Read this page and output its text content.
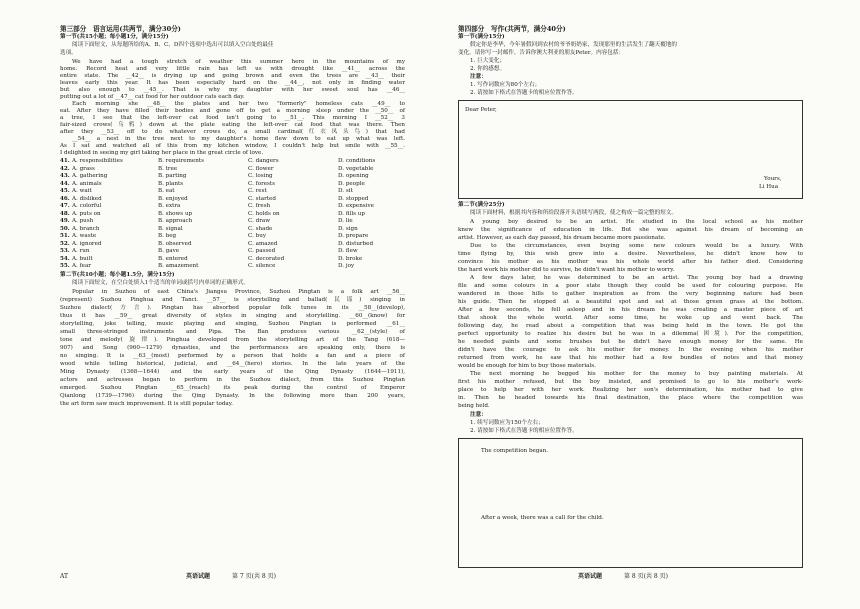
第三部分　语言运用(共两节，满分30分)
第一节(共15小题；每小题1分，满分15分)
阅读下面短文，从每题所给的A、B、C、D四个选项中选出可以填入空白处的最佳
选项。
We have had a tough stretch of weather this summer here in the mountains of my
home. Record heat and very little rain has left us with drought like __41__ across the
entire state. The __42__ is drying up and going brown and even the trees are __43__ their
leaves early this year. It has been especially hard on the __44__, not only in finding water
but also enough to __45__. That is why my daughter with her sweet soul has __46__
putting out a lot of __47__ cat food for her outdoor cats each day.
Each morning she __48__ the plates and her two "formerly" homeless cats __49__ to
eat. After they have filled their bodies and gone off to get a morning sleep under the __50__ of
a tree, I see that the left-over cat food isn't going to __51__. This morning I __52__ 3
fair-sized crows(乌鸦) down at the plate eating the left-over cat food that was there. Then
after they __53__ off to do whatever crows do, a small cardinal(红衣凤头鸟) that had
__54__ a nest in the tree next to my daughter's home flew down to eat up what was left.
As I sat and watched all of this from my kitchen window, I couldn't help but smile with __55__.
I delighted in seeing my girl taking her place in the great circle of love.
41. A. responsibilities	B. requirements	C. dangers	D. conditions
42. A. grass	B. tree	C. flower	D. vegetable
43. A. gathering	B. parting	C. losing	D. opening
44. A. animals	B. plants	C. forests	D. people
45. A. wait	B. eat	C. rest	D. sit
46. A. disliked	B. enjoyed	C. started	D. stopped
47. A. colorful	B. extra	C. fresh	D. expensive
48. A. puts on	B. shows up	C. holds on	D. fills up
49. A. push	B. approach	C. draw	D. lie
50. A. branch	B. signal	C. shade	D. sign
51. A. waste	B. beg	C. buy	D. prepare
52. A. ignored	B. observed	C. amazed	D. disturbed
53. A. run	B. gave	C. passed	D. flew
54. A. built	B. entered	C. decorated	D. broke
55. A. fear	B. amazement	C. silence	D. joy
第二节(共10小题；每小题1.5分，满分15分)
阅读下面短文，在空白处填入1个适当的单词或括号内单词的正确形式。
Popular in Suzhou of east China's Jiangsu Province, Suzhou Pingtan is a folk art __56__
(represent) Suzhou Pinghua and Tanci. __57__ is storytelling and ballad(民谣) singing in
Suzhou dialect(方言). Pingtan has absorbed popular folk tunes in its __58__(develop),
thus it has __59__ great diversity of styles in singing and storytelling. __60__(know) for
storytelling, joke telling, music playing and singing, Suzhou Pingtan is performed __61__
small three-stringed instruments and Pipa. The Ban produces various __62__(style) of
tone and melody(旋律). Pinghua developed from the storytelling art of the Tang (618—
907) and Song (960—1279) dynasties, and the performances are speaking only, there is
no singing. It is __63__(most) performed by a person that holds a fan and a piece of
wood while telling historical, judicial, and __64__(hero) stories. In the late years of the
Ming Dynasty (1368—1644) and the early years of the Qing Dynasty (1644—1911),
actors and actresses began to perform in the Suzhou dialect, from this Suzhou Pingtan
emerged. Suzhou Pingtan __65__(reach) its peak during the control of Emperor
Qianlong (1739—1796) during the Qing Dynasty. In the following more than 200 years,
the art form saw much improvement. It is still popular today.
AT	英语试题	第 7 页(共 8 页)
第四部分　写作(共两节，满分40分)
第一节(满分15分)
假定你是李华，今年暑假回到农村的爷爷奶奶家，发现那里的生活发生了翻天覆地的
变化。请你写一封邮件，告诉你澳大利亚的朋友Peter。内容包括：
1. 巨大变化；
2. 你的感想。
注意：
1. 写作词数应为80个左右；
2. 请按如下格式在答题卡的相应位置作答。
Dear Peter,
Yours,
Li Hua
第二节(满分25分)
阅读下面材料，根据其内容和所给段落开头语续写两段，使之构成一篇完整的短文。
A young boy desired to be an artist. He studied in the local school as his mother
knew the significance of education in life. But she was against his dream of becoming an
artist. However, as each day passed, his dream became more passionate.
Due to the circumstances, even buying some new colours would be a luxury. With
time flying by, this wish grew into a desire. Nevertheless, he didn't know how to
convince his mother as his mother was his whole world after his father died. Considering
the hard work his mother did to survive, he didn't want his mother to worry.
A few days later, he was determined to be an artist. The young boy had a drawing
file and some colours in a poor state though they could be used for colouring purpose. He
wandered in those hills to gather inspiration as from the very beginning nature had been
his guide. Then he stopped at a beautiful spot and sat at those green grass at the bottom.
After a few seconds, he fell asleep and in his dream he was creating a master piece of art
that shook the whole world. After some time, he woke up and went back. The
following day, he read about a competition that was being held in the town. He got the
perfect opportunity to realize his desire but he was in a dilemma(困境). For the competition,
he needed paints and some brushes but he didn't have enough money for the same. He
didn't have the courage to ask his mother for money. In the evening when his mother
returned from work, he saw that his mother had a few bundles of notes and that money
would be enough for him to buy those materials.
The next morning he begged his mother for the money to buy painting materials. At
first his mother refused, but the boy insisted, and promised to go to his mother's work-
place to help her with her work. Realizing her son's determination, his mother had to give
in. Then he headed towards his final destination, the place where the competition was
being held.
注意：
1. 续写词数应为150个左右；
2. 请按如下格式在答题卡的相应位置作答。
The competition began.
After a week, there was a call for the child.
英语试题	第 8 页(共 8 页)
